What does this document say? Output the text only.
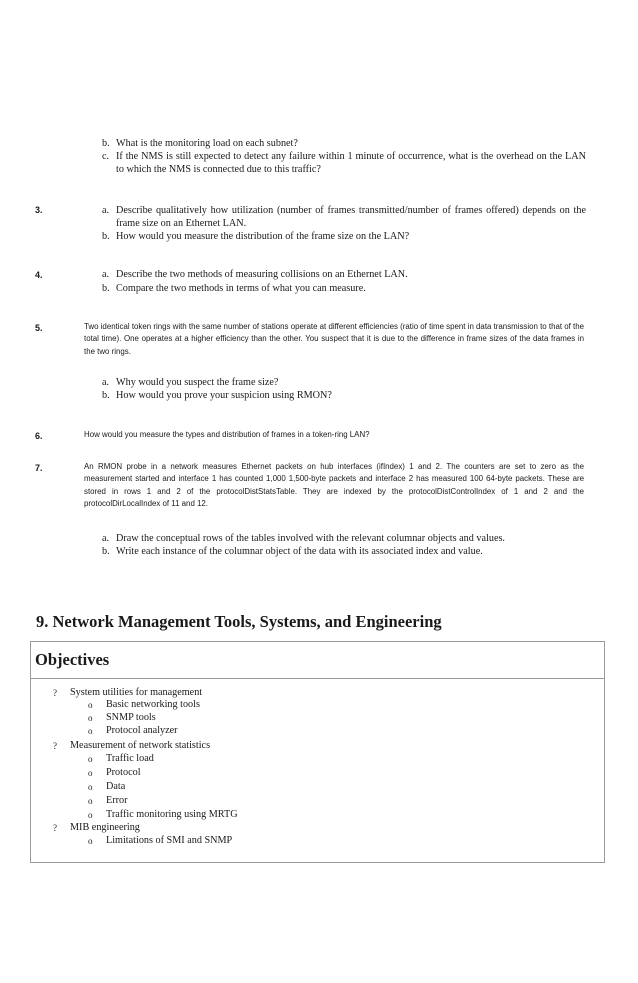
b. What is the monitoring load on each subnet?
c. If the NMS is still expected to detect any failure within 1 minute of occurrence, what is the overhead on the LAN to which the NMS is connected due to this traffic?
3.	a. Describe qualitatively how utilization (number of frames transmitted/number of frames offered) depends on the frame size on an Ethernet LAN.
b. How would you measure the distribution of the frame size on the LAN?
4.	a. Describe the two methods of measuring collisions on an Ethernet LAN.
b. Compare the two methods in terms of what you can measure.
5.	Two identical token rings with the same number of stations operate at different efficiencies (ratio of time spent in data transmission to that of the total time). One operates at a higher efficiency than the other. You suspect that it is due to the difference in frame sizes of the data frames in the two rings.
a. Why would you suspect the frame size?
b. How would you prove your suspicion using RMON?
6.	How would you measure the types and distribution of frames in a token-ring LAN?
7.	An RMON probe in a network measures Ethernet packets on hub interfaces (ifIndex) 1 and 2. The counters are set to zero as the measurement started and interface 1 has counted 1,000 1,500-byte packets and interface 2 has measured 100 64-byte packets. These are stored in rows 1 and 2 of the protocolDistStatsTable. They are indexed by the protocolDistControlIndex of 1 and 2 and the protocolDirLocalIndex of 11 and 12.
a. Draw the conceptual rows of the tables involved with the relevant columnar objects and values.
b. Write each instance of the columnar object of the data with its associated index and value.
9. Network Management Tools, Systems, and Engineering
Objectives
? System utilities for management
o Basic networking tools
o SNMP tools
o Protocol analyzer
? Measurement of network statistics
o Traffic load
o Protocol
o Data
o Error
o Traffic monitoring using MRTG
? MIB engineering
o Limitations of SMI and SNMP
